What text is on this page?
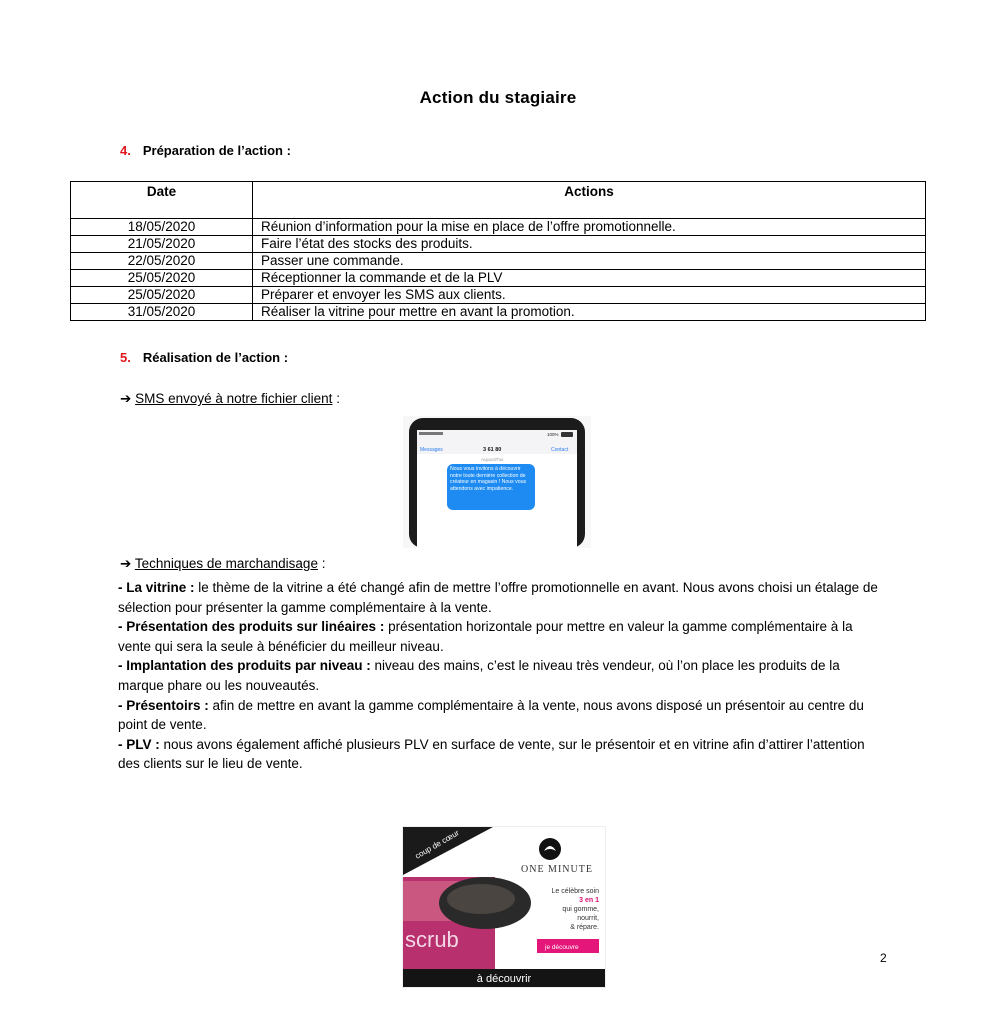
Action du stagiaire
4. Préparation de l’action :
Date	Actions
18/05/2020	Réunion d’information pour la mise en place de l’offre promotionnelle.
21/05/2020	Faire l’état des stocks des produits.
22/05/2020	Passer une commande.
25/05/2020	Réceptionner la commande et de la PLV
25/05/2020	Préparer et envoyer les SMS aux clients.
31/05/2020	Réaliser la vitrine pour mettre en avant la promotion.
5. Réalisation de l’action :
➔ SMS envoyé à notre fichier client :
100%
Messages	3 61 80	Contact
Aujourd'hui
Nous vous invitons à découvrir notre toute dernière collection de créateur en magasin ! Nous vous attendons avec impatience.
➔ Techniques de marchandisage :

- La vitrine : le thème de la vitrine a été changé afin de mettre l’offre promotionnelle en avant. Nous avons choisi un étalage de sélection pour présenter la gamme complémentaire à la vente.

- Présentation des produits sur linéaires : présentation horizontale pour mettre en valeur la gamme complémentaire à la vente qui sera la seule à bénéficier du meilleur niveau.

- Implantation des produits par niveau : niveau des mains, c’est le niveau très vendeur, où l’on place les produits de la marque phare ou les nouveautés.

- Présentoirs : afin de mettre en avant la gamme complémentaire à la vente, nous avons disposé un présentoir au centre du point de vente.

- PLV : nous avons également affiché plusieurs PLV en surface de vente, sur le présentoir et en vitrine afin d’attirer l’attention des clients sur le lieu de vente.

coup de cœur
ONE MINUTE
Le célèbre soin
3 en 1
qui gomme,
nourrit,
& répare.
je découvre
scrub
à découvrir
2
